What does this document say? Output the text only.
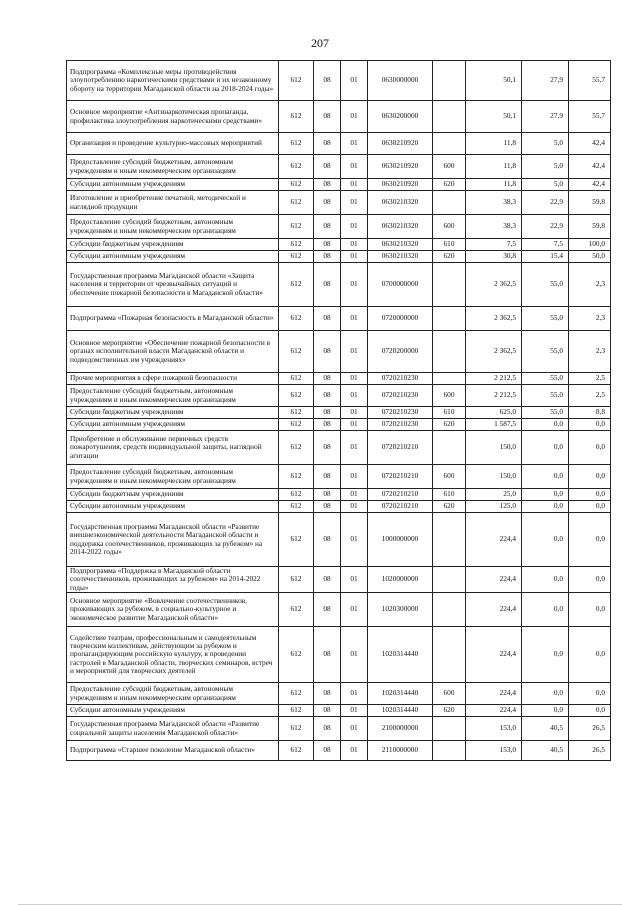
207
Подпрограмма «Комплексные меры противодействия злоупотреблению наркотическими средствами и их незаконному обороту на территории Магаданской области на 2018-2024 годы»	612	08	01	0630000000		50,1	27,9	55,7
Основное мероприятие «Антинаркотическая пропаганда, профилактика злоупотребления наркотическими средствами»	612	08	01	0630200000		50,1	27,9	55,7
Организация и проведение культурно-массовых мероприятий	612	08	01	0630210920		11,8	5,0	42,4
Предоставление субсидий бюджетным, автономным учреждениям и иным некоммерческим организациям	612	08	01	0630210920	600	11,8	5,0	42,4
Субсидии автономным учреждениям	612	08	01	0630210920	620	11,8	5,0	42,4
Изготовление и приобретение печатной, методической и наглядной продукции	612	08	01	0630210320		38,3	22,9	59,8
Предоставление субсидий бюджетным, автономным учреждениям и иным некоммерческим организациям	612	08	01	0630210320	600	38,3	22,9	59,8
Субсидии бюджетным учреждениям	612	08	01	0630210320	610	7,5	7,5	100,0
Субсидии автономным учреждениям	612	08	01	0630210320	620	30,8	15,4	50,0
Государственная программа Магаданской области «Защита населения и территории от чрезвычайных ситуаций и обеспечение пожарной безопасности в Магаданской области»	612	08	01	0700000000		2 362,5	55,0	2,3
Подпрограмма «Пожарная безопасность в Магаданской области»	612	08	01	0720000000		2 362,5	55,0	2,3
Основное мероприятие «Обеспечение пожарной безопасности в органах исполнительной власти Магаданской области и подведомственных им учреждениях»	612	08	01	0720200000		2 362,5	55,0	2,3
Прочие мероприятия в сфере пожарной безопасности	612	08	01	0720210230		2 212,5	55,0	2,5
Предоставление субсидий бюджетным, автономным учреждениям и иным некоммерческим организациям	612	08	01	0720210230	600	2 212,5	55,0	2,5
Субсидии бюджетным учреждениям	612	08	01	0720210230	610	625,0	55,0	8,8
Субсидии автономным учреждениям	612	08	01	0720210230	620	1 587,5	0,0	0,0
Приобретение и обслуживание первичных средств пожаротушения, средств индивидуальной защиты, наглядной агитации	612	08	01	0720210210		150,0	0,0	0,0
Предоставление субсидий бюджетным, автономным учреждениям и иным некоммерческим организациям	612	08	01	0720210210	600	150,0	0,0	0,0
Субсидии бюджетным учреждениям	612	08	01	0720210210	610	25,0	0,0	0,0
Субсидии автономным учреждениям	612	08	01	0720210210	620	125,0	0,0	0,0
Государственная программа Магаданской области «Развитие внешнеэкономической деятельности Магаданской области и поддержка соотечественников, проживающих за рубежом» на 2014-2022 годы»	612	08	01	1000000000		224,4	0,0	0,0
Подпрограмма «Поддержка в Магаданской области соотечественников, проживающих за рубежом» на 2014-2022 годы»	612	08	01	1020000000		224,4	0,0	0,0
Основное мероприятие «Вовлечение соотечественников, проживающих за рубежом, в социально-культурное и экономическое развитие Магаданской области»	612	08	01	1020300000		224,4	0,0	0,0
Содействие театрам, профессиональным и самодеятельным творческим коллективам, действующим за рубежом и пропагандирующим российскую культуру, в проведении гастролей в Магаданской области, творческих семинаров, встреч и мероприятий для творческих деятелей	612	08	01	1020314440		224,4	0,0	0,0
Предоставление субсидий бюджетным, автономным учреждениям и иным некоммерческим организациям	612	08	01	1020314440	600	224,4	0,0	0,0
Субсидии автономным учреждениям	612	08	01	1020314440	620	224,4	0,0	0,0
Государственная программа Магаданской области «Развитие социальной защиты населения Магаданской области»	612	08	01	2100000000		153,0	40,5	26,5
Подпрограмма «Старшее поколение Магаданской области»	612	08	01	2110000000		153,0	40,5	26,5
